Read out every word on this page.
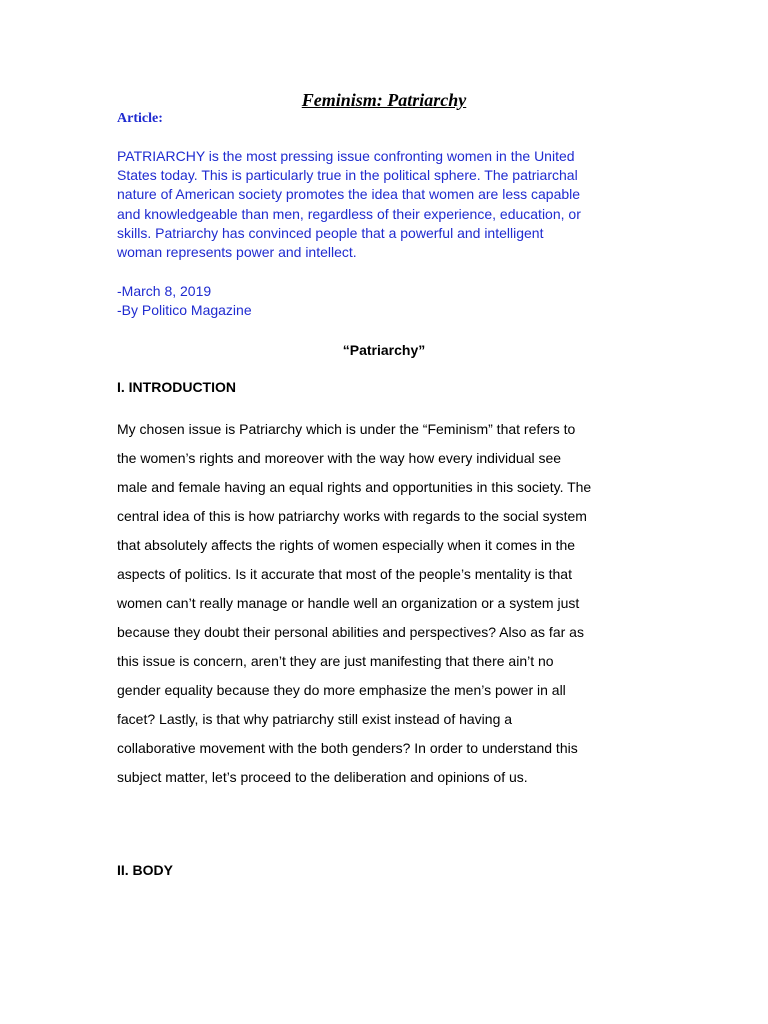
Feminism: Patriarchy
Article:
PATRIARCHY is the most pressing issue confronting women in the United
States today. This is particularly true in the political sphere. The patriarchal
nature of American society promotes the idea that women are less capable
and knowledgeable than men, regardless of their experience, education, or
skills. Patriarchy has convinced people that a powerful and intelligent
woman represents power and intellect.
-March 8, 2019
-By Politico Magazine
“Patriarchy”
I. INTRODUCTION
My chosen issue is Patriarchy which is under the “Feminism” that refers to
the women’s rights and moreover with the way how every individual see
male and female having an equal rights and opportunities in this society. The
central idea of this is how patriarchy works with regards to the social system
that absolutely affects the rights of women especially when it comes in the
aspects of politics. Is it accurate that most of the people’s mentality is that
women can’t really manage or handle well an organization or a system just
because they doubt their personal abilities and perspectives? Also as far as
this issue is concern, aren’t they are just manifesting that there ain’t no
gender equality because they do more emphasize the men’s power in all
facet? Lastly, is that why patriarchy still exist instead of having a
collaborative movement with the both genders? In order to understand this
subject matter, let’s proceed to the deliberation and opinions of us.
II. BODY
